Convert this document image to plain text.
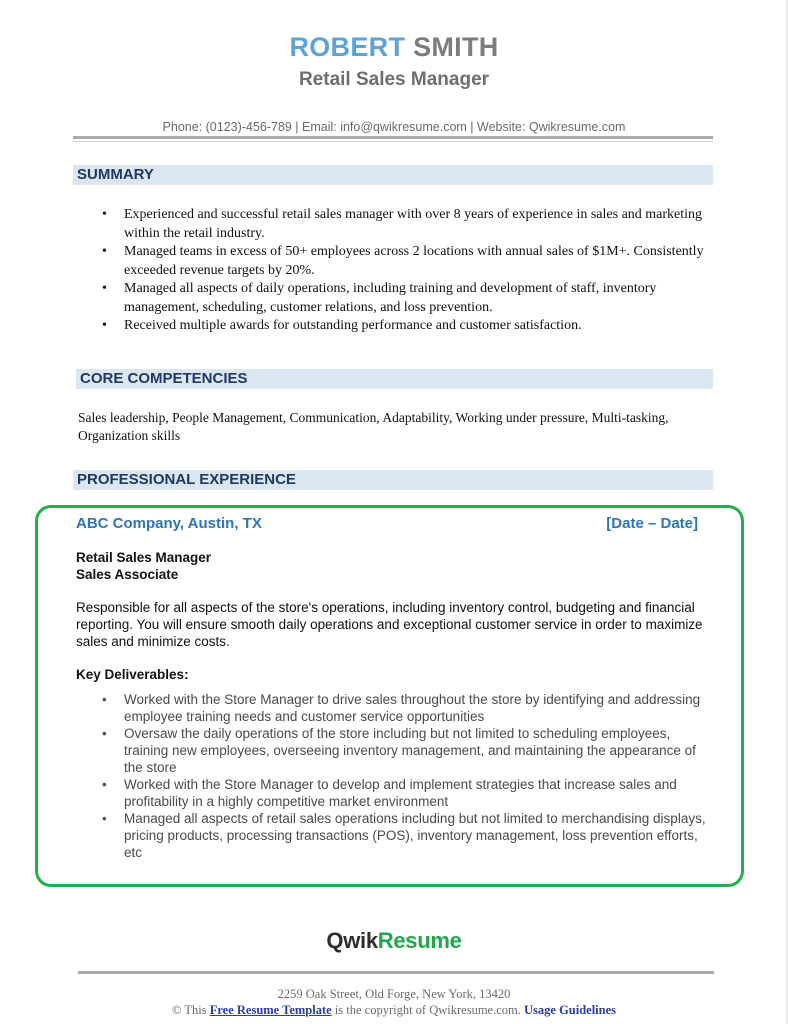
ROBERT SMITH
Retail Sales Manager
Phone: (0123)-456-789 | Email: info@qwikresume.com | Website: Qwikresume.com
SUMMARY
• Experienced and successful retail sales manager with over 8 years of experience in sales and marketing within the retail industry.
• Managed teams in excess of 50+ employees across 2 locations with annual sales of $1M+. Consistently exceeded revenue targets by 20%.
• Managed all aspects of daily operations, including training and development of staff, inventory management, scheduling, customer relations, and loss prevention.
• Received multiple awards for outstanding performance and customer satisfaction.
CORE COMPETENCIES
Sales leadership, People Management, Communication, Adaptability, Working under pressure, Multi-tasking, Organization skills
PROFESSIONAL EXPERIENCE
ABC Company, Austin, TX	[Date – Date]
Retail Sales Manager
Sales Associate
Responsible for all aspects of the store's operations, including inventory control, budgeting and financial reporting. You will ensure smooth daily operations and exceptional customer service in order to maximize sales and minimize costs.
Key Deliverables:
• Worked with the Store Manager to drive sales throughout the store by identifying and addressing employee training needs and customer service opportunities
• Oversaw the daily operations of the store including but not limited to scheduling employees, training new employees, overseeing inventory management, and maintaining the appearance of the store
• Worked with the Store Manager to develop and implement strategies that increase sales and profitability in a highly competitive market environment
• Managed all aspects of retail sales operations including but not limited to merchandising displays, pricing products, processing transactions (POS), inventory management, loss prevention efforts, etc
QwikResume
2259 Oak Street, Old Forge, New York, 13420
© This Free Resume Template is the copyright of Qwikresume.com. Usage Guidelines
